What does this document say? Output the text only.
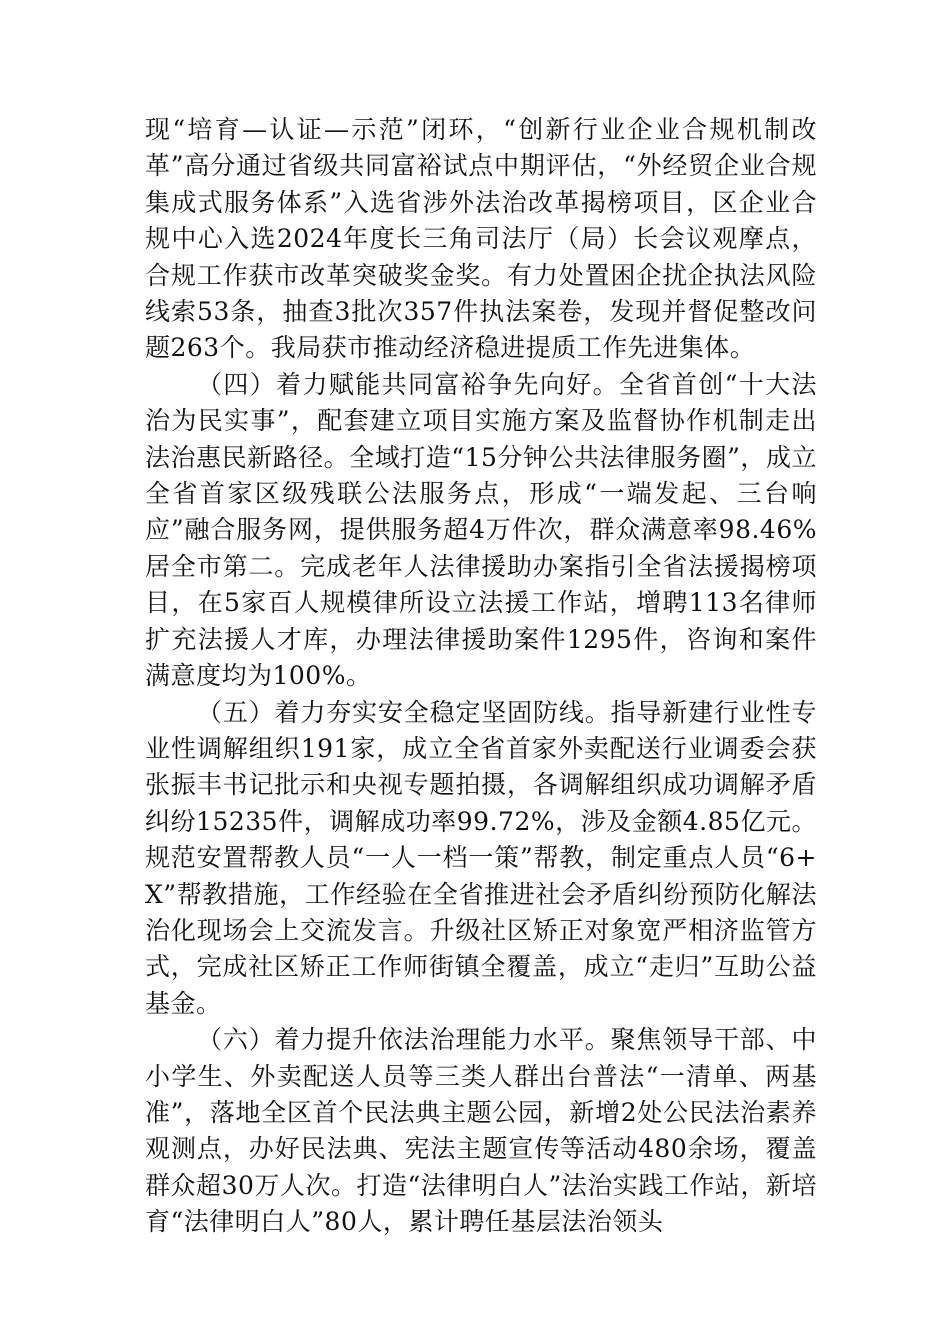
现“培育—认证—示范”闭环，“创新行业企业合规机制改革”高分通过省级共同富裕试点中期评估，“外经贸企业合规集成式服务体系”入选省涉外法治改革揭榜项目，区企业合规中心入选2024年度长三角司法厅（局）长会议观摩点，合规工作获市改革突破奖金奖。有力处置困企扰企执法风险线索53条，抽查3批次357件执法案卷，发现并督促整改问题263个。我局获市推动经济稳进提质工作先进集体。

（四）着力赋能共同富裕争先向好。全省首创“十大法治为民实事”，配套建立项目实施方案及监督协作机制走出法治惠民新路径。全域打造“15分钟公共法律服务圈”，成立全省首家区级残联公法服务点，形成“一端发起、三台响应”融合服务网，提供服务超4万件次，群众满意率98.46%居全市第二。完成老年人法律援助办案指引全省法援揭榜项目，在5家百人规模律所设立法援工作站，增聘113名律师扩充法援人才库，办理法律援助案件1295件，咨询和案件满意度均为100%。

（五）着力夯实安全稳定坚固防线。指导新建行业性专业性调解组织191家，成立全省首家外卖配送行业调委会获张振丰书记批示和央视专题拍摄，各调解组织成功调解矛盾纠纷15235件，调解成功率99.72%，涉及金额4.85亿元。规范安置帮教人员“一人一档一策”帮教，制定重点人员“6+X”帮教措施，工作经验在全省推进社会矛盾纠纷预防化解法治化现场会上交流发言。升级社区矫正对象宽严相济监管方式，完成社区矫正工作师街镇全覆盖，成立“走归”互助公益基金。

（六）着力提升依法治理能力水平。聚焦领导干部、中小学生、外卖配送人员等三类人群出台普法“一清单、两基准”，落地全区首个民法典主题公园，新增2处公民法治素养观测点，办好民法典、宪法主题宣传等活动480余场，覆盖群众超30万人次。打造“法律明白人”法治实践工作站，新培育“法律明白人”80人，累计聘任基层法治领头
